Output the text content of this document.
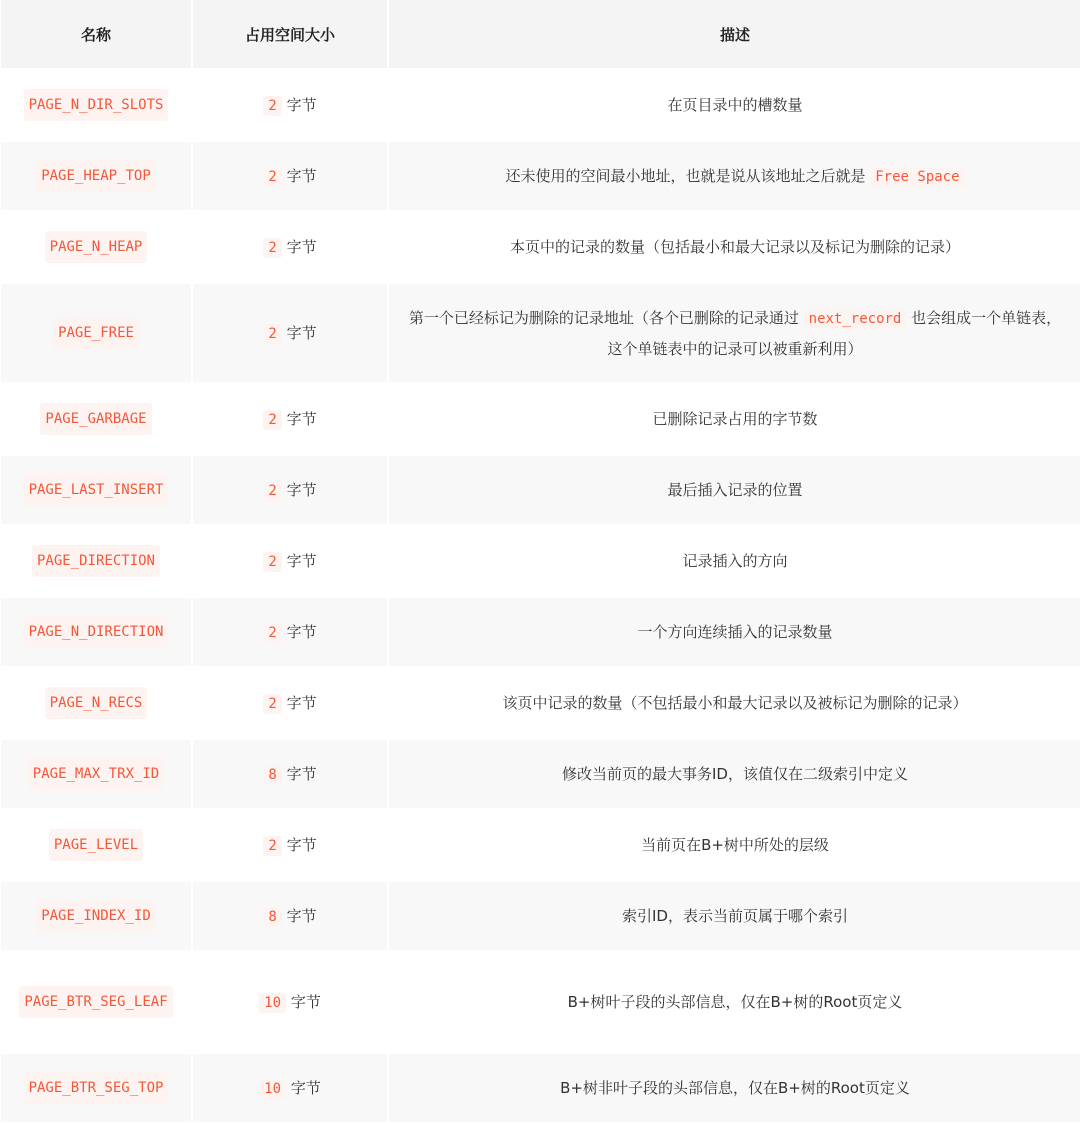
名称	占用空间大小	描述
PAGE_N_DIR_SLOTS	2 字节	在页目录中的槽数量
PAGE_HEAP_TOP	2 字节	还未使用的空间最小地址，也就是说从该地址之后就是 Free Space
PAGE_N_HEAP	2 字节	本页中的记录的数量（包括最小和最大记录以及标记为删除的记录）
PAGE_FREE	2 字节	第一个已经标记为删除的记录地址（各个已删除的记录通过 next_record 也会组成一个单链表，这个单链表中的记录可以被重新利用）
PAGE_GARBAGE	2 字节	已删除记录占用的字节数
PAGE_LAST_INSERT	2 字节	最后插入记录的位置
PAGE_DIRECTION	2 字节	记录插入的方向
PAGE_N_DIRECTION	2 字节	一个方向连续插入的记录数量
PAGE_N_RECS	2 字节	该页中记录的数量（不包括最小和最大记录以及被标记为删除的记录）
PAGE_MAX_TRX_ID	8 字节	修改当前页的最大事务ID，该值仅在二级索引中定义
PAGE_LEVEL	2 字节	当前页在B+树中所处的层级
PAGE_INDEX_ID	8 字节	索引ID，表示当前页属于哪个索引
PAGE_BTR_SEG_LEAF	10 字节	B+树叶子段的头部信息，仅在B+树的Root页定义
PAGE_BTR_SEG_TOP	10 字节	B+树非叶子段的头部信息，仅在B+树的Root页定义
